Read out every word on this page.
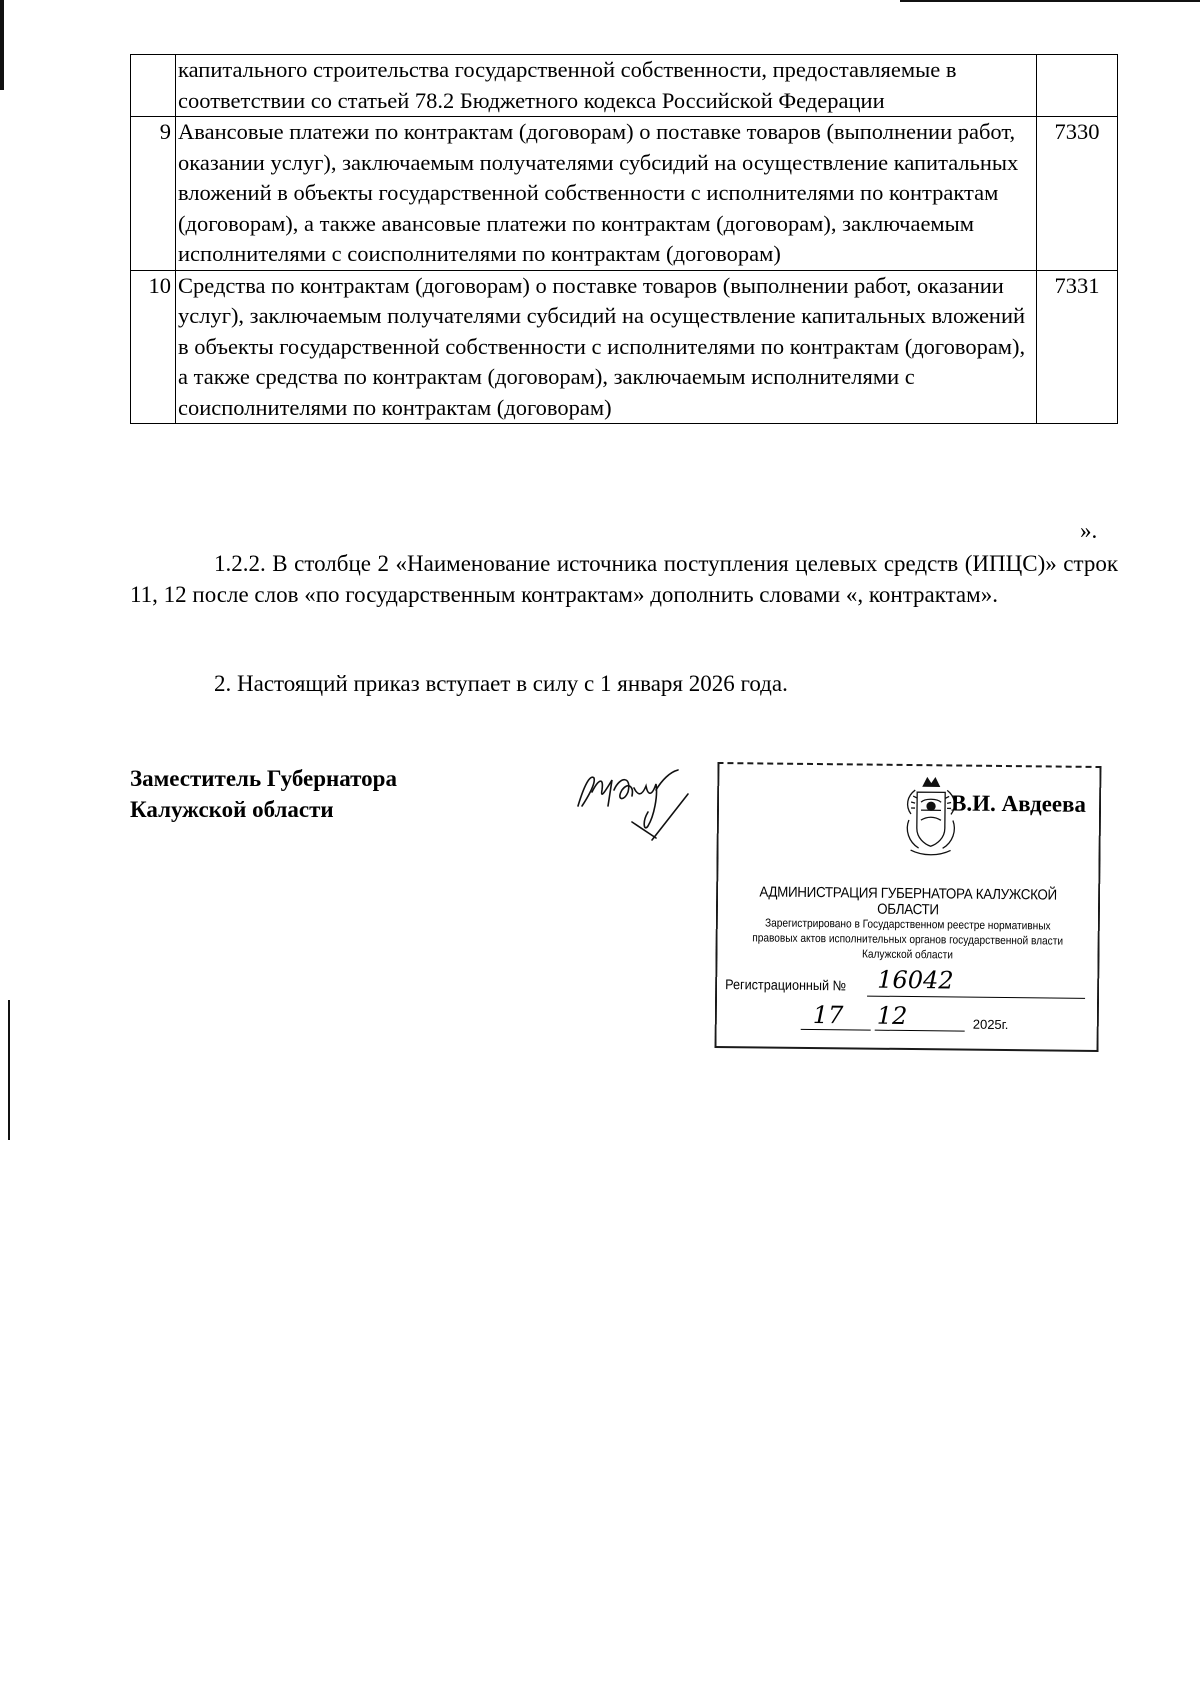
	капитального строительства государственной собственности, предоставляемые в соответствии со статьей 78.2 Бюджетного кодекса Российской Федерации	
9	Авансовые платежи по контрактам (договорам) о поставке товаров (выполнении работ, оказании услуг), заключаемым получателями субсидий на осуществление капитальных вложений в объекты государственной собственности с исполнителями по контрактам (договорам), а также авансовые платежи по контрактам (договорам), заключаемым исполнителями с соисполнителями по контрактам (договорам)	7330
10	Средства по контрактам (договорам) о поставке товаров (выполнении работ, оказании услуг), заключаемым получателями субсидий на осуществление капитальных вложений в объекты государственной собственности с исполнителями по контрактам (договорам), а также средства по контрактам (договорам), заключаемым исполнителями с соисполнителями по контрактам (договорам)	7331
».
1.2.2. В столбце 2 «Наименование источника поступления целевых средств (ИПЦС)» строк 11, 12 после слов «по государственным контрактам» дополнить словами «, контрактам».
2. Настоящий приказ вступает в силу с 1 января 2026 года.
Заместитель Губернатора
Калужской области	В.И. Авдеева
АДМИНИСТРАЦИЯ ГУБЕРНАТОРА КАЛУЖСКОЙ ОБЛАСТИ
Зарегистрировано в Государственном реестре нормативных правовых актов исполнительных органов государственной власти Калужской области
Регистрационный № 16042
17 12	2025г.
